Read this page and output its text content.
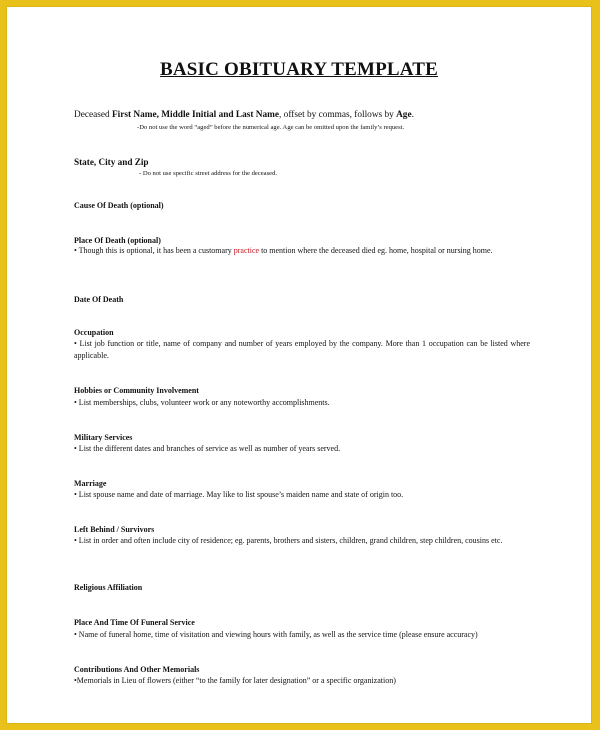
BASIC OBITUARY TEMPLATE
Deceased First Name, Middle Initial and Last Name, offset by commas, follows by Age.
-Do not use the word “aged” before the numerical age. Age can be omitted upon the family’s request.
State, City and Zip
- Do not use specific street address for the deceased.
Cause Of Death (optional)
Place Of Death (optional)
• Though this is optional, it has been a customary practice to mention where the deceased died eg. home, hospital or nursing home.
Date Of Death
Occupation
• List job function or title, name of company and number of years employed by the company. More than 1 occupation can be listed where applicable.
Hobbies or Community Involvement
• List memberships, clubs, volunteer work or any noteworthy accomplishments.
Military Services
• List the different dates and branches of service as well as number of years served.
Marriage
• List spouse name and date of marriage. May like to list spouse’s maiden name and state of origin too.
Left Behind / Survivors
• List in order and often include city of residence; eg. parents, brothers and sisters, children, grand children, step children, cousins etc.
Religious Affiliation
Place And Time Of Funeral Service
• Name of funeral home, time of visitation and viewing hours with family, as well as the service time (please ensure accuracy)
Contributions And Other Memorials
•Memorials in Lieu of flowers (either “to the family for later designation” or a specific organization)
